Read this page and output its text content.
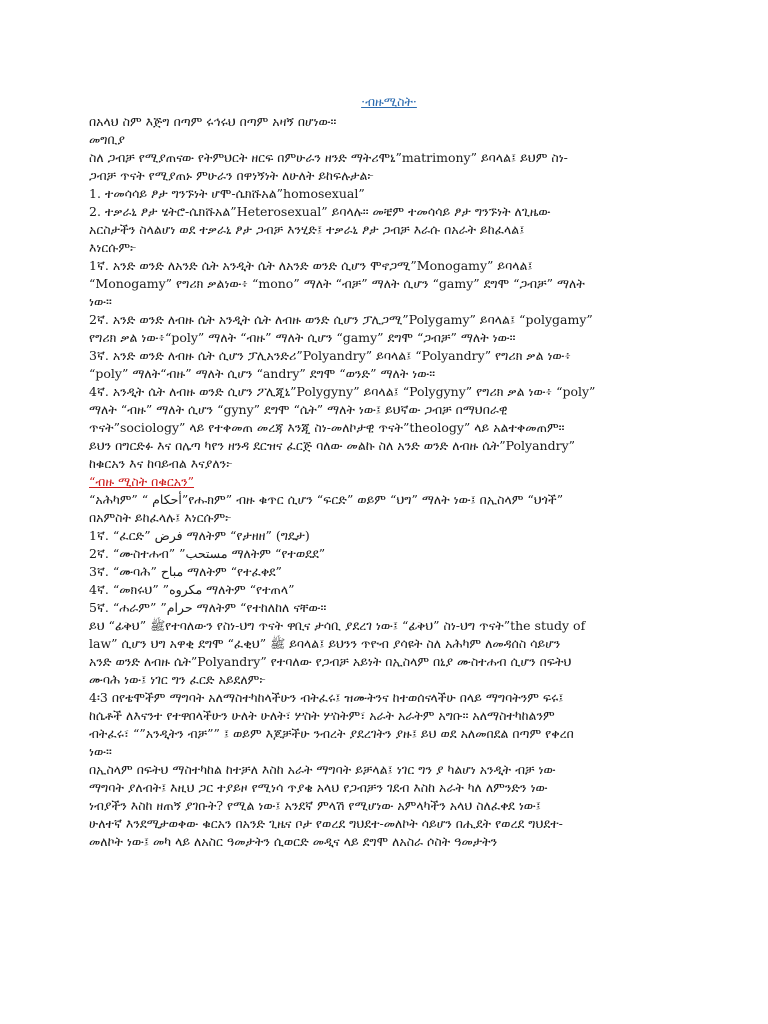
·ብዙሚስት·
በአላህ ስም እጅግ በጣም ሩኅሩህ በጣም አዛኝ በሆነው።
መግቢያ
ስለ ጋብቻ የሚያጠናው የትምህርት ዘርፍ በምሁራን ዘንድ ማትሪሞኒ”matrimony” ይባላል፤ ይህም ስነ-
ጋብቻ ጥናት የሚያጠኑ ምሁራን በዋነኝነት ለሁለት ይከፍሉታል፦
1. ተመሳሳይ ፆታ ግንኙነት ሆሞ-ሴክሹአል”homosexual”
2. ተቃራኒ ፆታ ሄትሮ-ሴክሹአል”Heterosexual” ይባላሉ። መቼም ተመሳሳይ ፆታ ግንኙነት ለጊዜው
አርስታችን ስላልሆነ ወደ ተቃራኒ ፆታ ጋብቻ እንሂድ፤ ተቃራኒ ፆታ ጋብቻ እራሱ በአራት ይከፈላል፤
እነርሱም፦
1ኛ. አንድ ወንድ ለአንድ ሴት አንዲት ሴት ለአንድ ወንድ ሲሆን ሞኖጋሚ”Monogamy” ይባላል፤
“Monogamy” የግሪክ ቃልነው፥ “mono” ማለት “ብቻ” ማለት ሲሆን “gamy” ደግሞ “ጋብቻ” ማለት
ነው።
2ኛ. አንድ ወንድ ለብዙ ሴት አንዲት ሴት ለብዙ ወንድ ሲሆን ፓሊጋሚ”Polygamy” ይባላል፤ “polygamy”
የግሪክ ቃል ነው፥“poly” ማለት “ብዙ” ማለት ሲሆን “gamy” ደግሞ “ጋብቻ” ማለት ነው።
3ኛ. አንድ ወንድ ለብዙ ሴት ሲሆን ፓሊአንድሪ”Polyandry” ይባላል፤ “Polyandry” የግሪክ ቃል ነው፥
“poly” ማለት“ብዙ” ማለት ሲሆን “andry” ደግሞ “ወንድ” ማለት ነው።
4ኛ. አንዲት ሴት ለብዙ ወንድ ሲሆን ፖሊጂኒ”Polygyny” ይባላል፤ “Polygyny” የግሪክ ቃል ነው፥ “poly”
ማለት “ብዙ” ማለት ሲሆን “gyny” ደግሞ “ሴት” ማለት ነው፤ ይህኛው ጋብቻ በማህበራዊ
ጥናት”sociology” ላይ የተቀመጠ መረጃ እንጂ ስነ-መለኮታዊ ጥናት”theology” ላይ አልተቀመጠም።
ይህን በግርድፉ እና በሌጣ ካየን ዘንዳ ደርዝና ፈርጅ ባለው መልኩ ስለ አንድ ወንድ ለብዙ ሴት”Polyandry”
ከቁርአን እና ከባይብል እናያለን፦
“ብዙ ሚስት በቁርአን”
“አሕካም” “ أحكام”የሑክም” ብዙ ቁጥር ሲሆን “ፍርድ” ወይም “ህግ” ማለት ነው፤ በኢስላም “ህጎች”
በአምስት ይከፈላሉ፤ እነርሱም፦
1ኛ. “ፈርድ” فرض ማለትም “የታዘዘ” (ግዴታ)
2ኛ. “ሙስተሐብ” ”مستحب ማለትም “የተወደደ”
3ኛ. “ሙባሕ” مباح ማለትም “የተፈቀደ”
4ኛ. “መክሩህ” ”مكروه ማለትም “የተጠላ”
5ኛ. “ሐራም” ”حرام ማለትም “የተከለከለ ናቸው።
ይህ “ፊቅህ” ﷺየተባለውን የስነ-ህግ ጥናት ዋቢና ታሳቢ ያደረገ ነው፤ “ፊቅህ” ስነ-ህግ ጥናት”the study of
law” ሲሆን ህግ አዋቂ ደግሞ “ፈቂህ” ﷺ ይባላል፤ ይህንን ጥዮብ ያሳዩት ስለ አሕካም ለመዳሰስ ሳይሆን
አንድ ወንድ ለብዙ ሴት”Polyandry” የተባለው የጋብቻ አይነት በኢስላም በኒያ ሙስተሐብ ሲሆን በፍትህ
ሙባሕ ነው፤ ነገር ግን ፈርድ አይደለም፦
4፡3 በየቴሞችም ማግባት አለማስተካከላችሁን ብትፈሩ፤ ዝሙትንና ከተወሰናላችሁ በላይ ማግባትንም ፍሩ፤
ከሴቶች ለእናንተ የተዋበላችሁን ሁለት ሁለት፣ ሦስት ሦስትም፣ አራት አራትም አግቡ። አለማስተካከልንም
ብትፈሩ፣ “”አንዲትን ብቻ”” ፤ ወይም እጆቻችሁ ንብረት ያደረገትን ያዙ፤ ይህ ወደ አለመበደል በጣም የቀረበ
ነው።
በኢስላም በፍትህ ማስተካከል ከተቻለ እስከ አራት ማግባት ይቻላል፤ ነገር ግን ያ ካልሆነ አንዲት ብቻ ነው
ማግባት ያለብት፤ እዚህ ጋር ተያይዞ የሚነሳ ጥያቄ አላህ የጋብቻን ገደብ እስከ አራት ካለ ለምንድን ነው
ነብያችን እስከ ዘጠኝ ያገቡት? የሚል ነው፤ አንደኛ ምላሽ የሚሆነው አምላካችን አላህ ስለፈቀደ ነው፤
ሁለተኛ እንደሚታወቀው ቁርአን በአንድ ጊዜና ቦታ የወረደ ግህደተ-መለኮት ሳይሆን በሒደት የወረደ ግህደተ-
መለኮት ነው፤ መካ ላይ ለአስር ዓመታትን ሲወርድ መዲና ላይ ደግሞ ለአስራ ሶስት ዓመታትን
